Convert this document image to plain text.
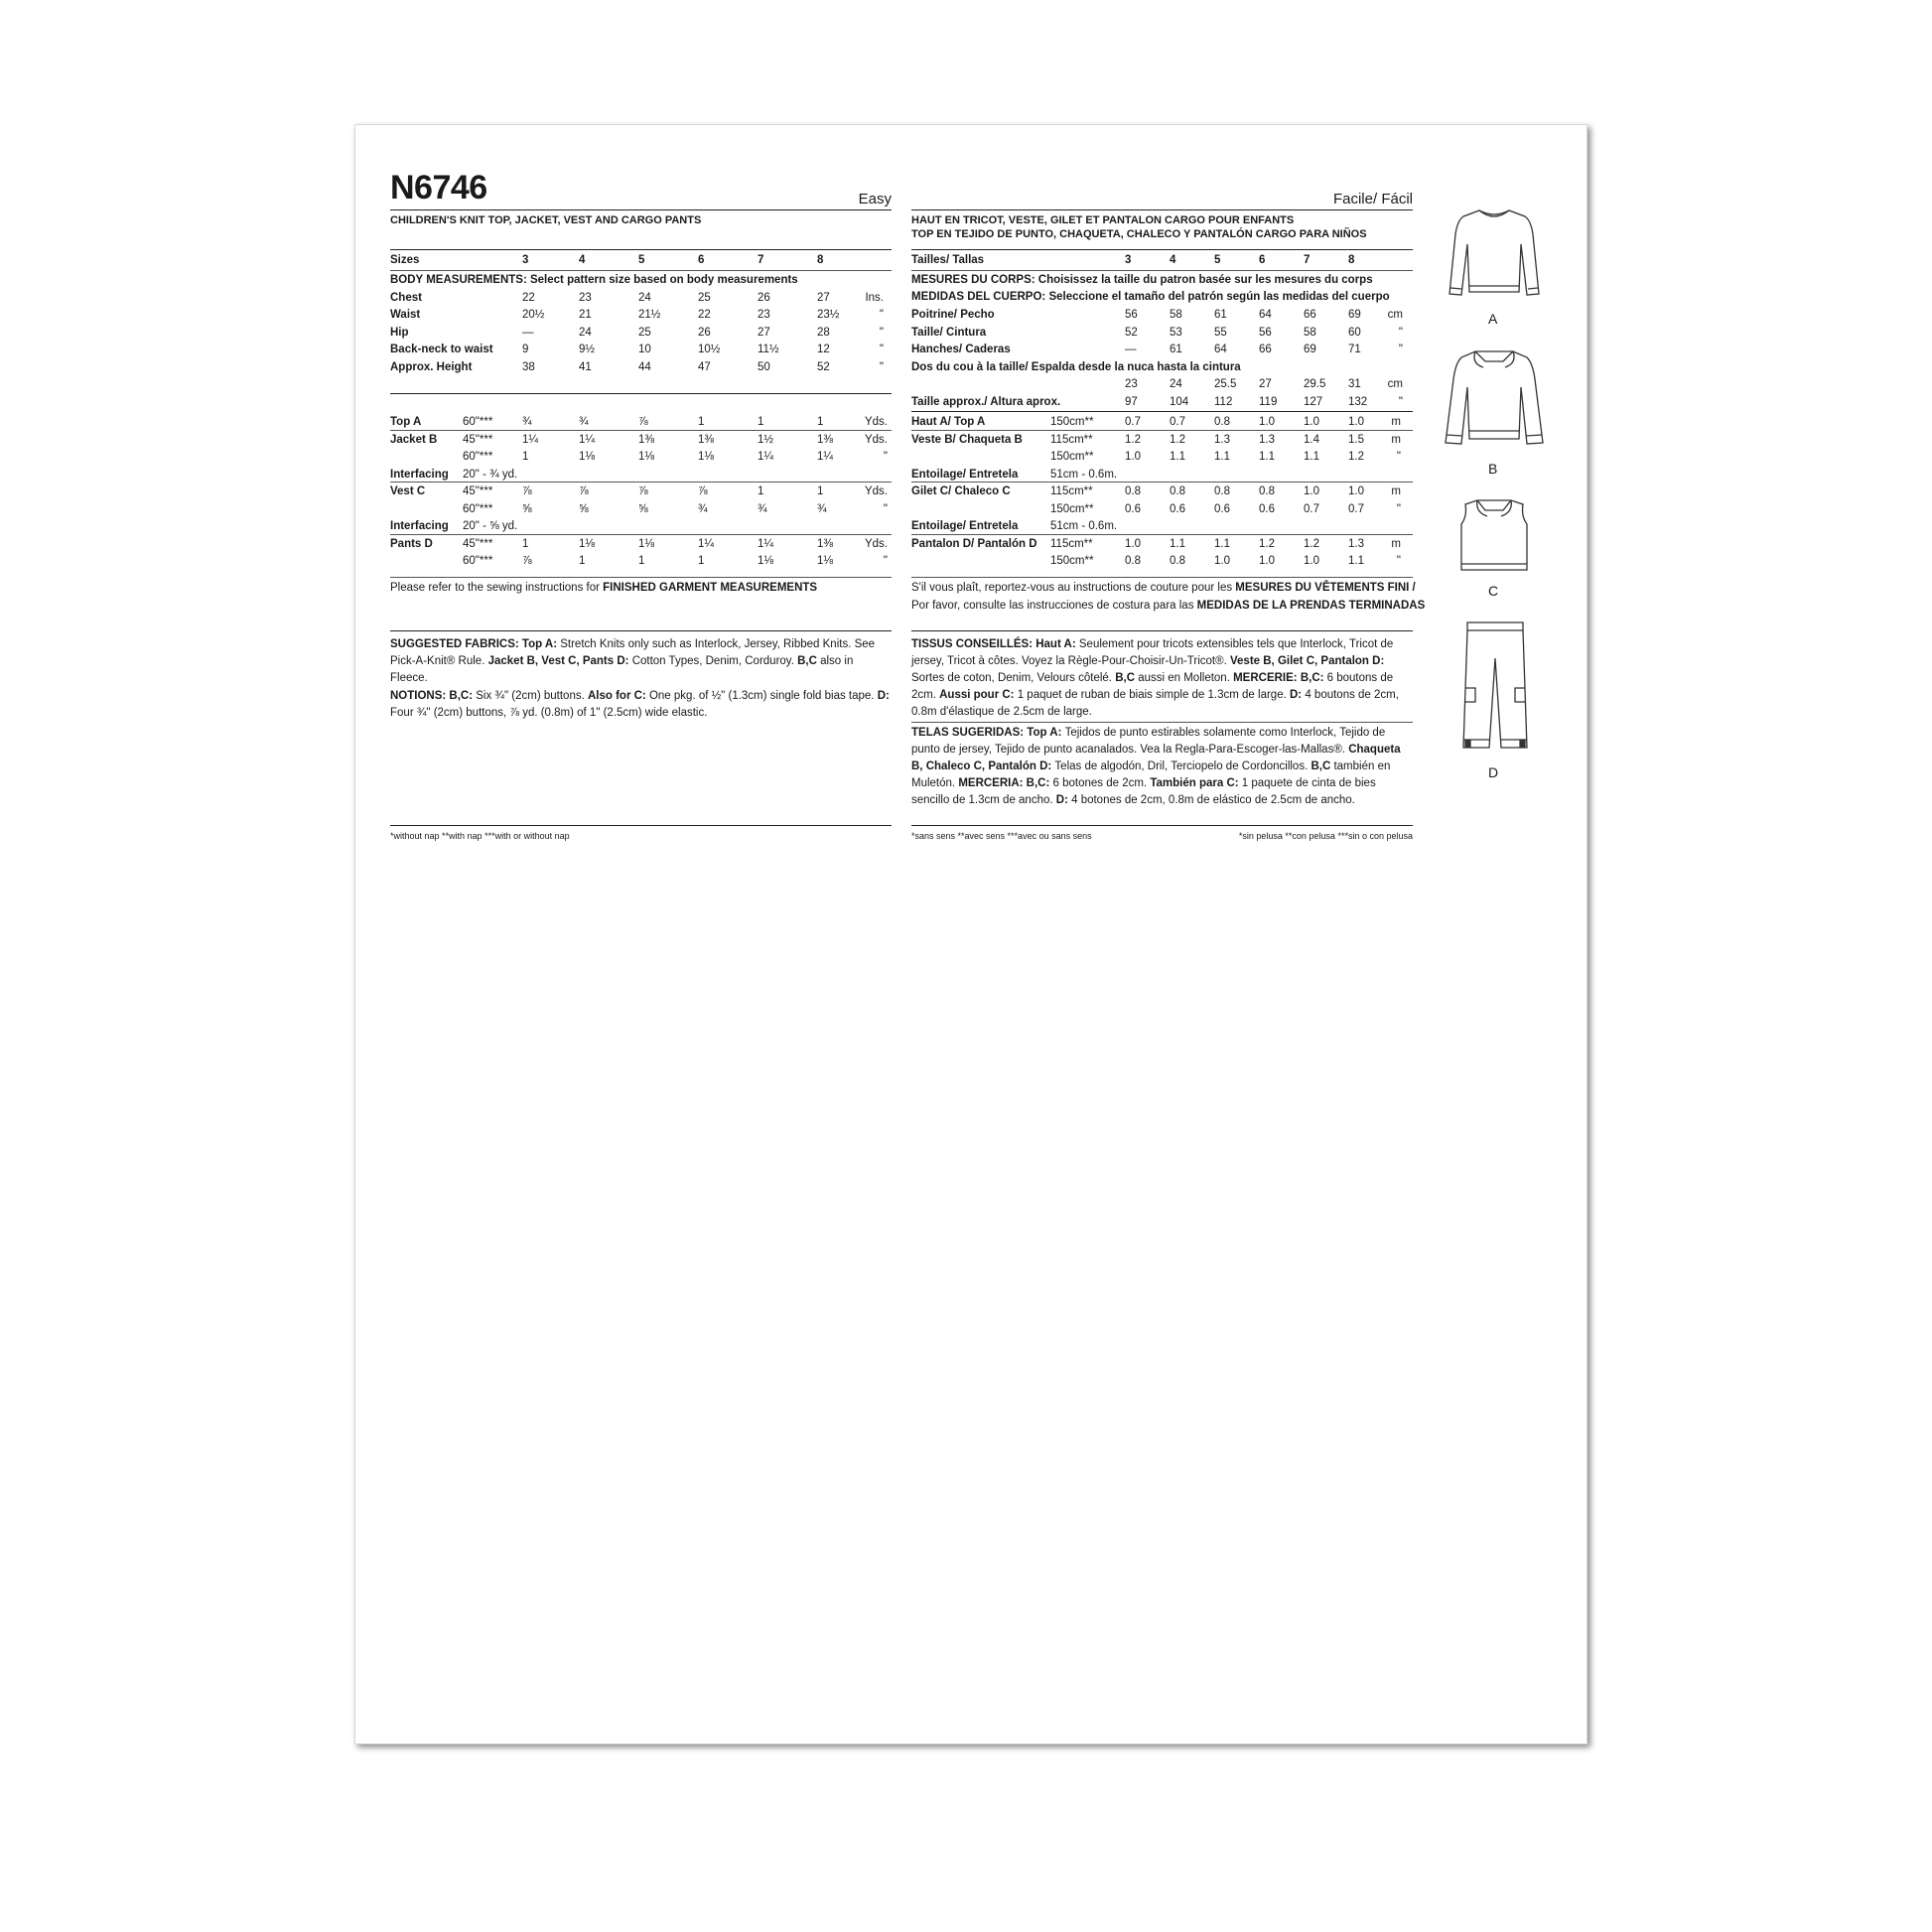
N6746	Easy
CHILDREN'S KNIT TOP, JACKET, VEST AND CARGO PANTS
Sizes	3	4	5	6	7	8
BODY MEASUREMENTS: Select pattern size based on body measurements
Chest	22	23	24	25	26	27	Ins.
Waist	20½	21	21½	22	23	23½	"
Hip	—	24	25	26	27	28	"
Back-neck to waist	9	9½	10	10½	11½	12	"
Approx. Height	38	41	44	47	50	52	"
Top A	60"***	¾	¾	⅞	1	1	1	Yds.
Jacket B 45"***	1¼	1¼	1⅜	1⅜	1½	1⅜	Yds.
60"***	1	1⅛	1⅛	1⅛	1¼	1¼	"
Interfacing 20" - ¾ yd.
Vest C	45"***	⅞	⅞	⅞	⅞	1	1	Yds.
60"***	⅝	⅝	⅝	¾	¾	¾	"
Interfacing 20" - ⅝ yd.
Pants D	45"***	1	1⅛	1⅛	1¼	1¼	1⅜	Yds.
60"***	⅞	1	1	1	1⅛	1⅛	"
Please refer to the sewing instructions for FINISHED GARMENT MEASUREMENTS
SUGGESTED FABRICS: Top A: Stretch Knits only such as Interlock, Jersey, Ribbed Knits. See Pick-A-Knit® Rule. Jacket B, Vest C, Pants D: Cotton Types, Denim, Corduroy. B,C also in Fleece.
NOTIONS: B,C: Six ¾" (2cm) buttons. Also for C: One pkg. of ½" (1.3cm) single fold bias tape. D: Four ¾" (2cm) buttons, ⅞ yd. (0.8m) of 1" (2.5cm) wide elastic.
*without nap **with nap ***with or without nap
Facile/ Fácil
HAUT EN TRICOT, VESTE, GILET ET PANTALON CARGO POUR ENFANTS
TOP EN TEJIDO DE PUNTO, CHAQUETA, CHALECO Y PANTALÓN CARGO PARA NIÑOS
Tailles/ Tallas	3	4	5	6	7	8
MESURES DU CORPS: Choisissez la taille du patron basée sur les mesures du corps
MEDIDAS DEL CUERPO: Seleccione el tamaño del patrón según las medidas del cuerpo
Poitrine/ Pecho	56	58	61	64	66	69 cm
Taille/ Cintura	52	53	55	56	58	60	"
Hanches/ Caderas	—	61	64	66	69	71	"
Dos du cou à la taille/ Espalda desde la nuca hasta la cintura
23	24	25.5 27	29.5 31 cm
Taille approx./ Altura aprox.	97	104 112 119 127 132	"
Haut A/ Top A	150cm**	0.7	0.7	0.8	1.0	1.0	1.0 m
Veste B/ Chaqueta B 115cm**	1.2	1.2	1.3	1.3	1.4	1.5 m
150cm**	1.0	1.1	1.1	1.1	1.1	1.2	"
Entoilage/ Entretela	51cm - 0.6m.
Gilet C/ Chaleco C	115cm**	0.8	0.8	0.8	0.8	1.0	1.0 m
150cm**	0.6	0.6	0.6	0.6	0.7	0.7	"
Entoilage/ Entretela	51cm - 0.6m.
Pantalon D/ Pantalón D 115cm**	1.0	1.1	1.1	1.2	1.2	1.3 m
150cm**	0.8	0.8	1.0	1.0	1.0	1.1	"
S'il vous plaît, reportez-vous au instructions de couture pour les MESURES DU VÊTEMENTS FINI /
Por favor, consulte las instrucciones de costura para las MEDIDAS DE LA PRENDAS TERMINADAS
TISSUS CONSEILLÉS: Haut A: Seulement pour tricots extensibles tels que Interlock, Tricot de jersey, Tricot à côtes. Voyez la Règle-Pour-Choisir-Un-Tricot®. Veste B, Gilet C, Pantalon D: Sortes de coton, Denim, Velours côtelé. B,C aussi en Molleton. MERCERIE: B,C: 6 boutons de 2cm. Aussi pour C: 1 paquet de ruban de biais simple de 1.3cm de large. D: 4 boutons de 2cm, 0.8m d'élastique de 2.5cm de large.
TELAS SUGERIDAS: Top A: Tejidos de punto estirables solamente como Interlock, Tejido de punto de jersey, Tejido de punto acanalados. Vea la Regla-Para-Escoger-las-Mallas®. Chaqueta B, Chaleco C, Pantalón D: Telas de algodón, Dril, Terciopelo de Cordoncillos. B,C también en Muletón. MERCERIA: B,C: 6 botones de 2cm. También para C: 1 paquete de cinta de bies sencillo de 1.3cm de ancho. D: 4 botones de 2cm, 0.8m de elástico de 2.5cm de ancho.
*sans sens **avec sens ***avec ou sans sens	*sin pelusa **con pelusa ***sin o con pelusa
A
B
C
D
